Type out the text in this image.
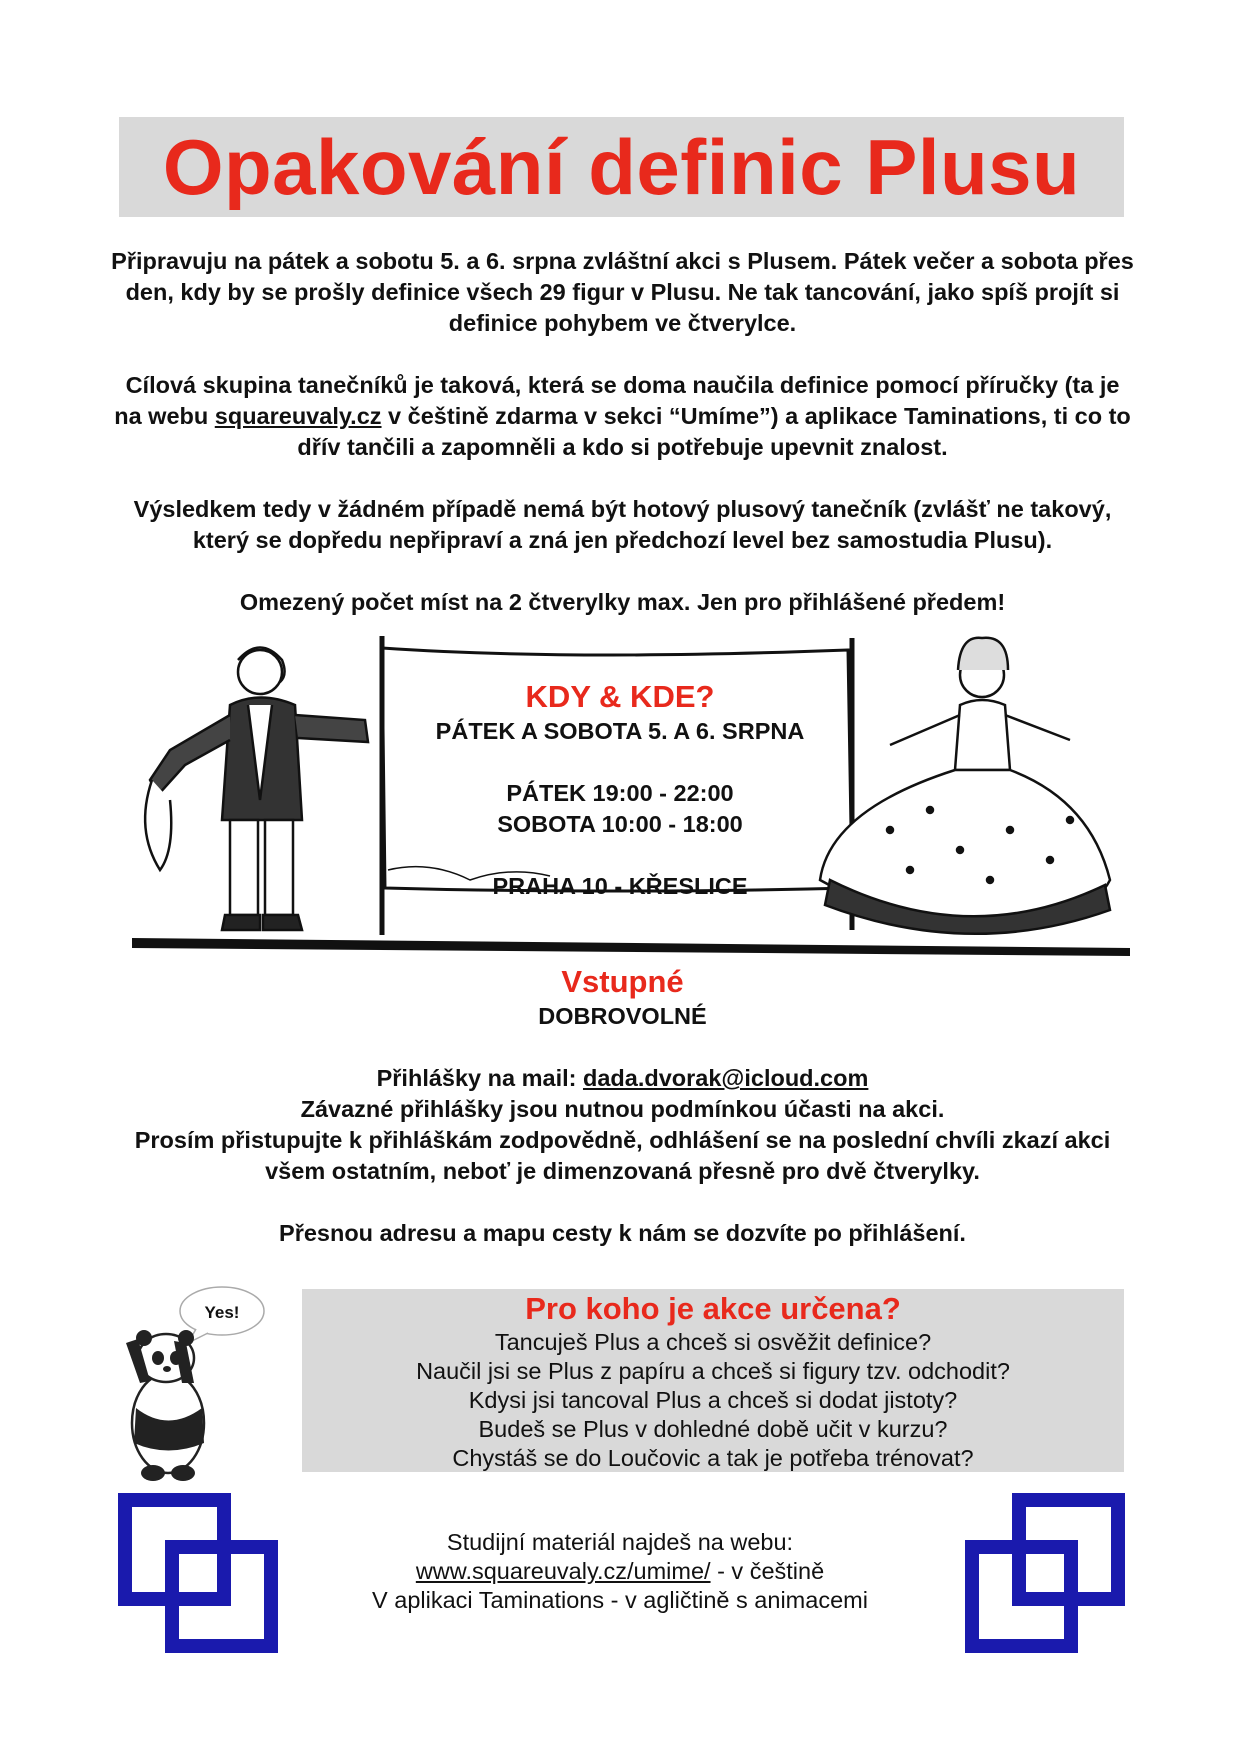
Opakování definic Plusu

Připravuju na pátek a sobotu 5. a 6. srpna zvláštní akci s Plusem. Pátek večer a sobota přes den, kdy by se prošly definice všech 29 figur v Plusu. Ne tak tancování, jako spíš projít si definice pohybem ve čtverylce.

Cílová skupina tanečníků je taková, která se doma naučila definice pomocí příručky (ta je na webu squareuvaly.cz v češtině zdarma v sekci “Umíme”) a aplikace Taminations, ti co to dřív tančili a zapomněli a kdo si potřebuje upevnit znalost.

Výsledkem tedy v žádném případě nemá být hotový plusový tanečník (zvlášť ne takový, který se dopředu nepřipraví a zná jen předchozí level bez samostudia Plusu).

Omezený počet míst na 2 čtverylky max. Jen pro přihlášené předem!

KDY & KDE?
PÁTEK A SOBOTA 5. A 6. SRPNA
PÁTEK 19:00 - 22:00
SOBOTA 10:00 - 18:00
PRAHA 10 - KŘESLICE
Vstupné
DOBROVOLNÉ
Přihlášky na mail: dada.dvorak@icloud.com
Závazné přihlášky jsou nutnou podmínkou účasti na akci.
Prosím přistupujte k přihláškám zodpovědně, odhlášení se na poslední chvíli zkazí akci všem ostatním, neboť je dimenzovaná přesně pro dvě čtverylky.
Přesnou adresu a mapu cesty k nám se dozvíte po přihlášení.
Yes!	Pro koho je akce určena?

Tancuješ Plus a chceš si osvěžit definice?

Naučil jsi se Plus z papíru a chceš si figury tzv. odchodit?

Kdysi jsi tancoval Plus a chceš si dodat jistoty?

Budeš se Plus v dohledné době učit v kurzu?

Chystáš se do Loučovic a tak je potřeba trénovat?

Studijní materiál najdeš na webu:
www.squareuvaly.cz/umime/ - v češtině
V aplikaci Taminations - v agličtině s animacemi
